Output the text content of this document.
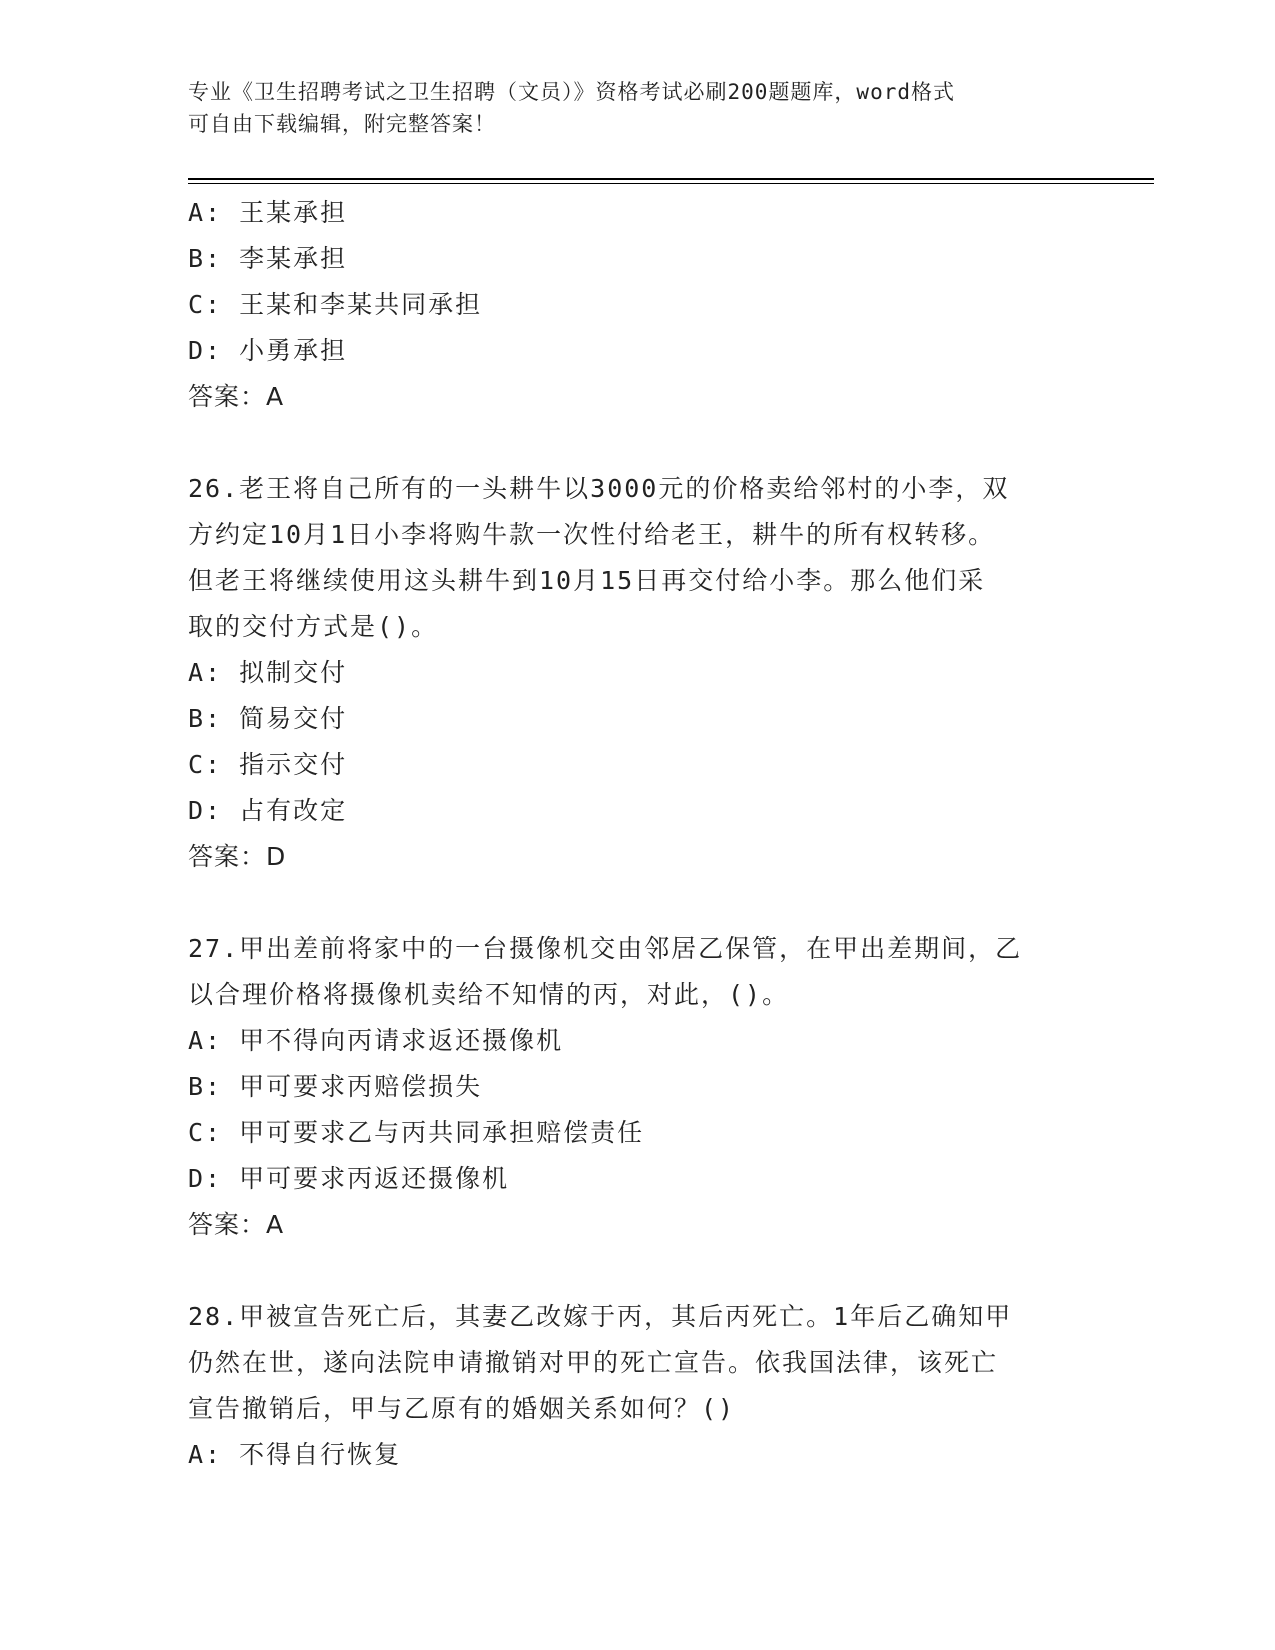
专业《卫生招聘考试之卫生招聘（文员）》资格考试必刷200题题库，word格式
可自由下载编辑，附完整答案！
A: 王某承担
B: 李某承担
C: 王某和李某共同承担
D: 小勇承担
答案：A
26.老王将自己所有的一头耕牛以3000元的价格卖给邻村的小李，双
方约定10月1日小李将购牛款一次性付给老王，耕牛的所有权转移。
但老王将继续使用这头耕牛到10月15日再交付给小李。那么他们采
取的交付方式是()。
A: 拟制交付
B: 简易交付
C: 指示交付
D: 占有改定
答案：D
27.甲出差前将家中的一台摄像机交由邻居乙保管，在甲出差期间，乙
以合理价格将摄像机卖给不知情的丙，对此，()。
A: 甲不得向丙请求返还摄像机
B: 甲可要求丙赔偿损失
C: 甲可要求乙与丙共同承担赔偿责任
D: 甲可要求丙返还摄像机
答案：A
28.甲被宣告死亡后，其妻乙改嫁于丙，其后丙死亡。1年后乙确知甲
仍然在世，遂向法院申请撤销对甲的死亡宣告。依我国法律，该死亡
宣告撤销后，甲与乙原有的婚姻关系如何？()
A: 不得自行恢复
